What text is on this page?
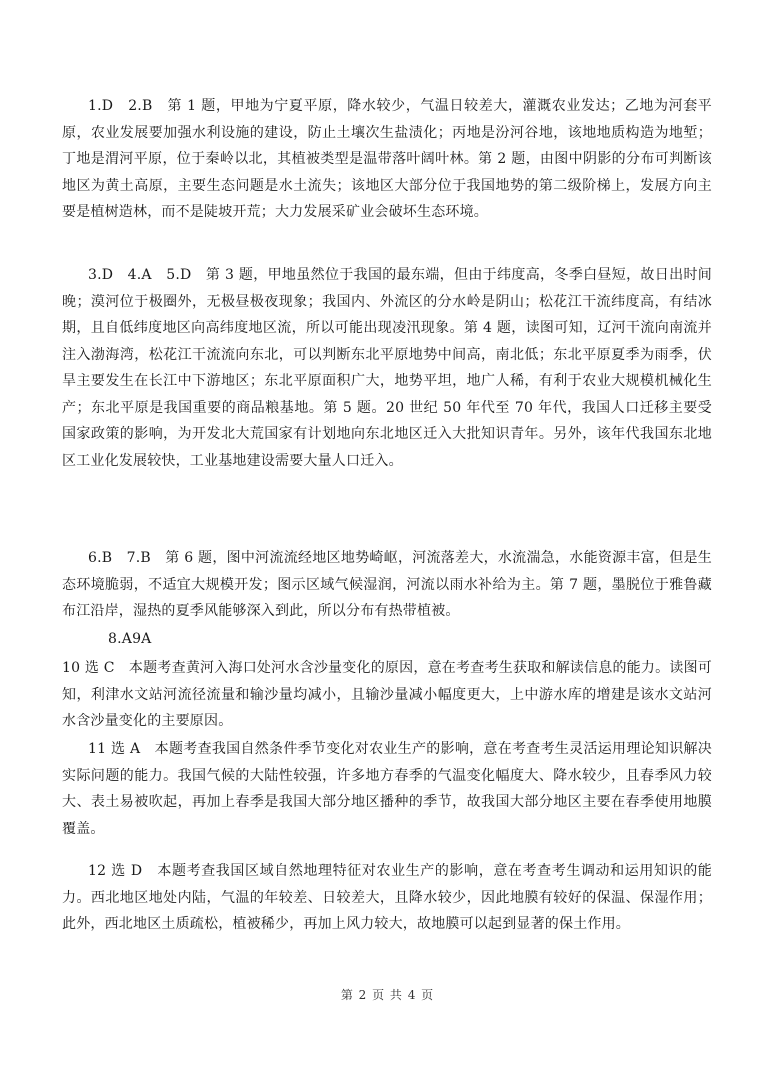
1.D　2.B　第 1 题，甲地为宁夏平原，降水较少，气温日较差大，灌溉农业发达；乙地为河套平原，农业发展要加强水利设施的建设，防止土壤次生盐渍化；丙地是汾河谷地，该地地质构造为地堑；丁地是渭河平原，位于秦岭以北，其植被类型是温带落叶阔叶林。第 2 题，由图中阴影的分布可判断该地区为黄土高原，主要生态问题是水土流失；该地区大部分位于我国地势的第二级阶梯上，发展方向主要是植树造林，而不是陡坡开荒；大力发展采矿业会破坏生态环境。

3.D　4.A　5.D　第 3 题，甲地虽然位于我国的最东端，但由于纬度高，冬季白昼短，故日出时间晚；漠河位于极圈外，无极昼极夜现象；我国内、外流区的分水岭是阴山；松花江干流纬度高，有结冰期，且自低纬度地区向高纬度地区流，所以可能出现凌汛现象。第 4 题，读图可知，辽河干流向南流并注入渤海湾，松花江干流流向东北，可以判断东北平原地势中间高，南北低；东北平原夏季为雨季，伏旱主要发生在长江中下游地区；东北平原面积广大，地势平坦，地广人稀，有利于农业大规模机械化生产；东北平原是我国重要的商品粮基地。第 5 题。20 世纪 50 年代至 70 年代，我国人口迁移主要受国家政策的影响，为开发北大荒国家有计划地向东北地区迁入大批知识青年。另外，该年代我国东北地区工业化发展较快，工业基地建设需要大量人口迁入。

6.B　7.B　第 6 题，图中河流流经地区地势崎岖，河流落差大，水流湍急，水能资源丰富，但是生态环境脆弱，不适宜大规模开发；图示区域气候湿润，河流以雨水补给为主。第 7 题，墨脱位于雅鲁藏布江沿岸，湿热的夏季风能够深入到此，所以分布有热带植被。

8.A9A

10 选 C　本题考查黄河入海口处河水含沙量变化的原因，意在考查考生获取和解读信息的能力。读图可知，利津水文站河流径流量和输沙量均减小，且输沙量减小幅度更大，上中游水库的增建是该水文站河水含沙量变化的主要原因。

11 选 A　本题考查我国自然条件季节变化对农业生产的影响，意在考查考生灵活运用理论知识解决实际问题的能力。我国气候的大陆性较强，许多地方春季的气温变化幅度大、降水较少，且春季风力较大、表土易被吹起，再加上春季是我国大部分地区播种的季节，故我国大部分地区主要在春季使用地膜覆盖。

12 选 D　本题考查我国区域自然地理特征对农业生产的影响，意在考查考生调动和运用知识的能力。西北地区地处内陆，气温的年较差、日较差大，且降水较少，因此地膜有较好的保温、保湿作用；此外，西北地区土质疏松，植被稀少，再加上风力较大，故地膜可以起到显著的保土作用。

第 2 页 共 4 页
